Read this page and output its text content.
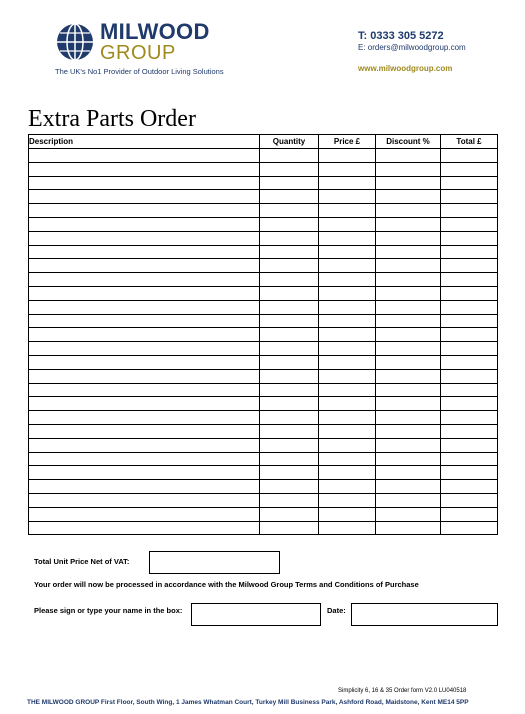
MILWOOD
GROUP
The UK's No1 Provider of Outdoor Living Solutions
T: 0333 305 5272
E: orders@milwoodgroup.com
www.milwoodgroup.com
Extra Parts Order
Description	Quantity	Price £	Discount %	Total £

Total Unit Price Net of VAT:
Your order will now be processed in accordance with the Milwood Group Terms and Conditions of Purchase
Please sign or type your name in the box:	Date:
Simplicity 6, 16 & 35 Order form V2.0 LU040518
THE MILWOOD GROUP First Floor, South Wing, 1 James Whatman Court, Turkey Mill Business Park, Ashford Road, Maidstone, Kent ME14 5PP
